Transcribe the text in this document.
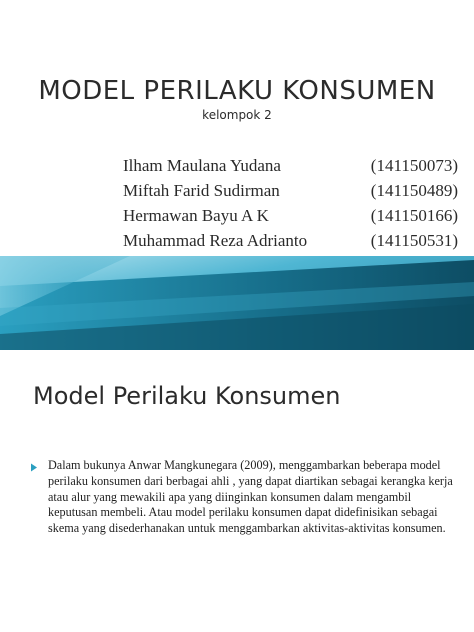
MODEL PERILAKU KONSUMEN
kelompok 2
Ilham Maulana Yudana	(141150073)
Miftah Farid Sudirman	(141150489)
Hermawan Bayu A K	(141150166)
Muhammad Reza Adrianto	(141150531)
Model Perilaku Konsumen
Dalam bukunya Anwar Mangkunegara (2009), menggambarkan beberapa model perilaku konsumen dari berbagai ahli , yang dapat diartikan sebagai kerangka kerja atau alur yang mewakili apa yang diinginkan konsumen dalam mengambil keputusan membeli. Atau model perilaku konsumen dapat didefinisikan sebagai skema yang disederhanakan untuk menggambarkan aktivitas-aktivitas konsumen.
